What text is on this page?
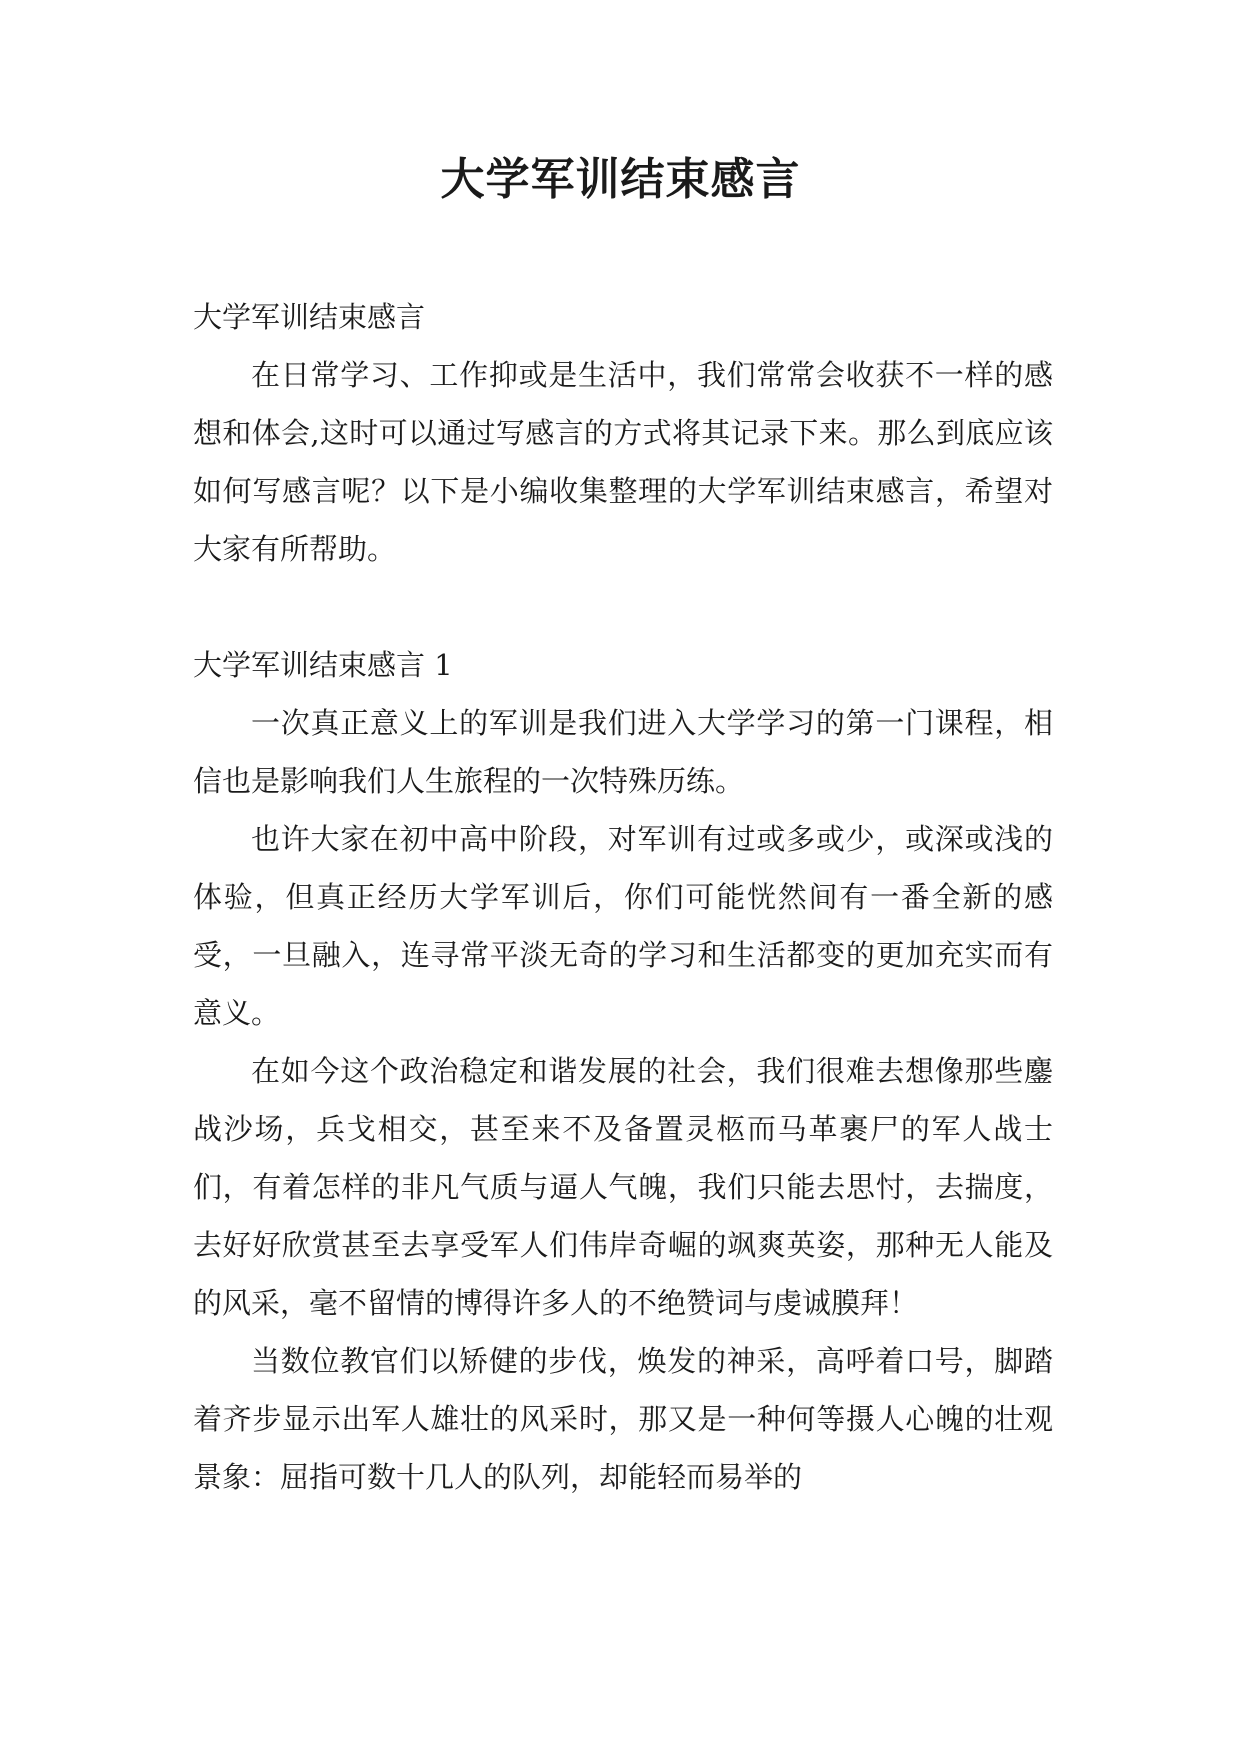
大学军训结束感言

大学军训结束感言

在日常学习、工作抑或是生活中，我们常常会收获不一样的感想和体会,这时可以通过写感言的方式将其记录下来。那么到底应该如何写感言呢？以下是小编收集整理的大学军训结束感言，希望对大家有所帮助。

大学军训结束感言 1

一次真正意义上的军训是我们进入大学学习的第一门课程，相信也是影响我们人生旅程的一次特殊历练。

也许大家在初中高中阶段，对军训有过或多或少，或深或浅的体验，但真正经历大学军训后，你们可能恍然间有一番全新的感受，一旦融入，连寻常平淡无奇的学习和生活都变的更加充实而有意义。

在如今这个政治稳定和谐发展的社会，我们很难去想像那些鏖战沙场，兵戈相交，甚至来不及备置灵柩而马革裹尸的军人战士们，有着怎样的非凡气质与逼人气魄，我们只能去思忖，去揣度，去好好欣赏甚至去享受军人们伟岸奇崛的飒爽英姿，那种无人能及的风采，毫不留情的博得许多人的不绝赞词与虔诚膜拜！

当数位教官们以矫健的步伐，焕发的神采，高呼着口号，脚踏着齐步显示出军人雄壮的风采时，那又是一种何等摄人心魄的壮观景象：屈指可数十几人的队列，却能轻而易举的
